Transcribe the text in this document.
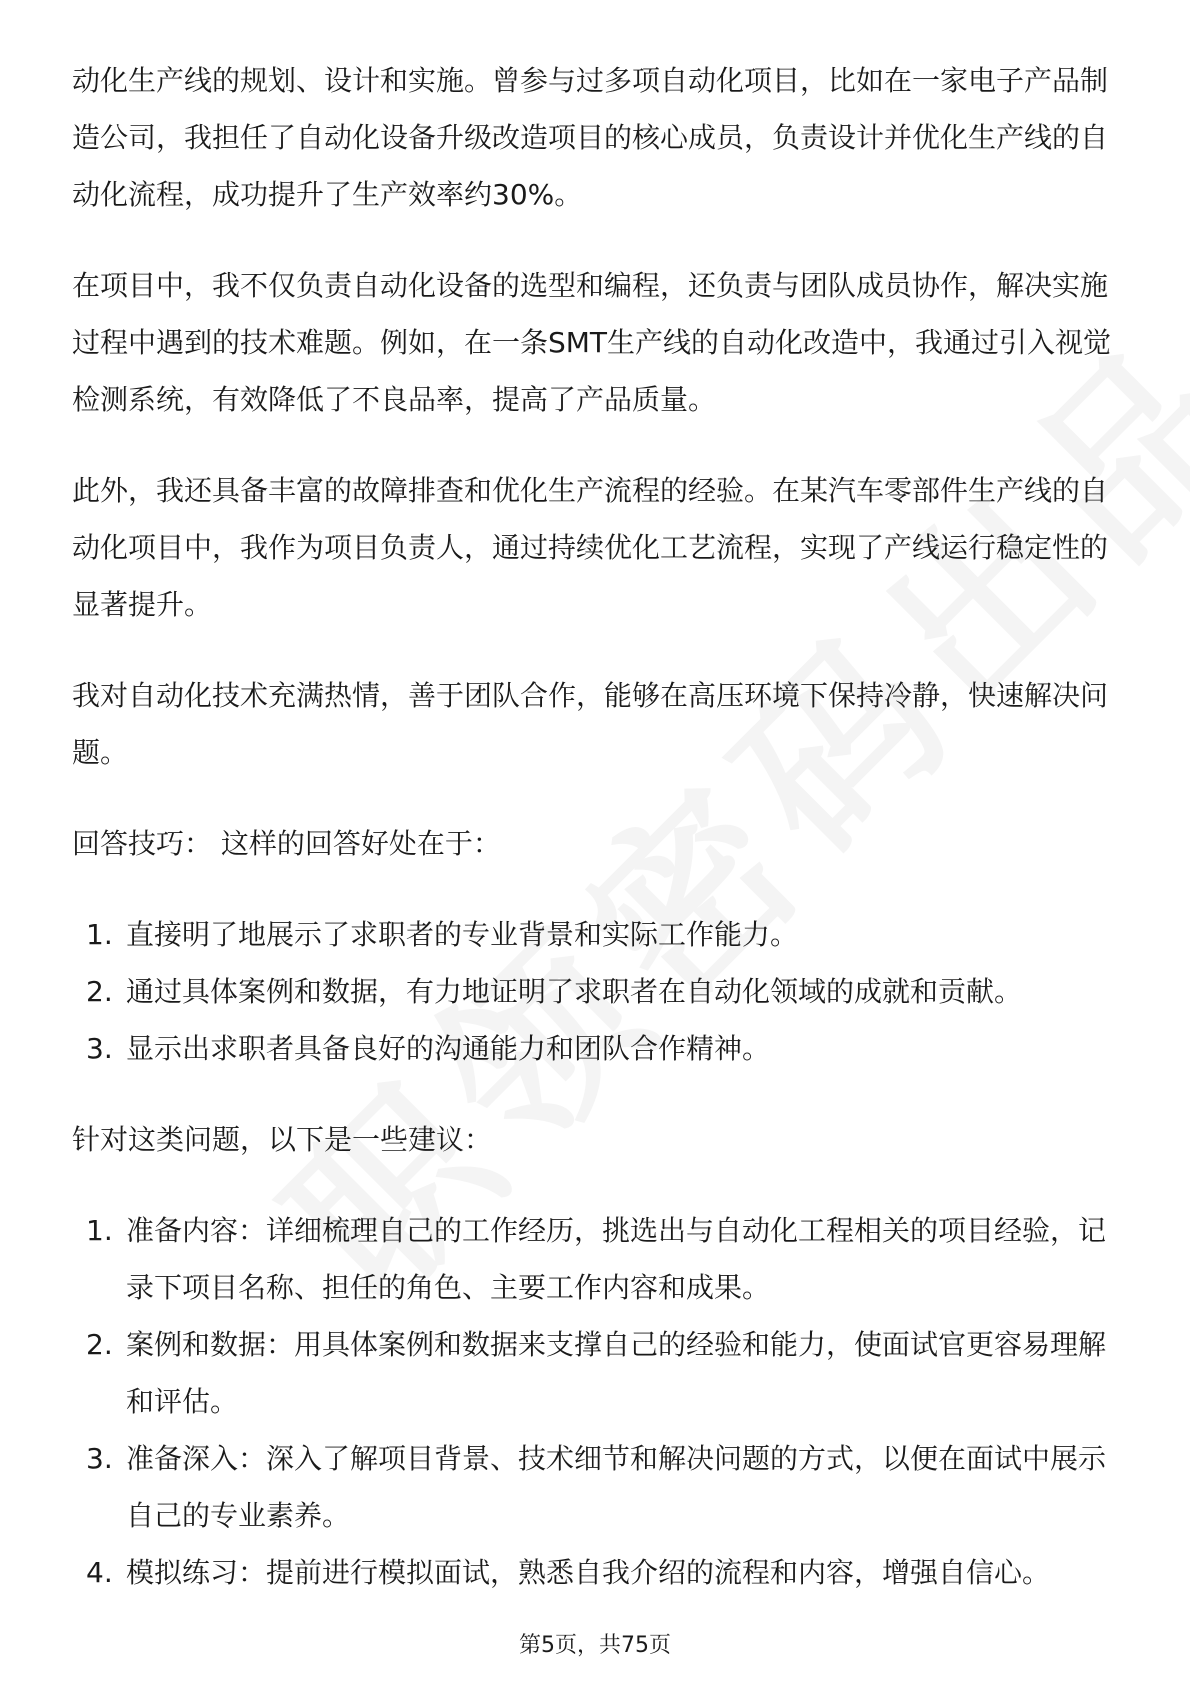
动化生产线的规划、设计和实施。曾参与过多项自动化项目，比如在一家电子产品制造公司，我担任了自动化设备升级改造项目的核心成员，负责设计并优化生产线的自动化流程，成功提升了生产效率约30%。

在项目中，我不仅负责自动化设备的选型和编程，还负责与团队成员协作，解决实施过程中遇到的技术难题。例如，在一条SMT生产线的自动化改造中，我通过引入视觉检测系统，有效降低了不良品率，提高了产品质量。

此外，我还具备丰富的故障排查和优化生产流程的经验。在某汽车零部件生产线的自动化项目中，我作为项目负责人，通过持续优化工艺流程，实现了产线运行稳定性的显著提升。

我对自动化技术充满热情，善于团队合作，能够在高压环境下保持冷静，快速解决问题。

回答技巧： 这样的回答好处在于：

1. 直接明了地展示了求职者的专业背景和实际工作能力。
2. 通过具体案例和数据，有力地证明了求职者在自动化领域的成就和贡献。
3. 显示出求职者具备良好的沟通能力和团队合作精神。

针对这类问题，以下是一些建议：

1. 准备内容：详细梳理自己的工作经历，挑选出与自动化工程相关的项目经验，记录下项目名称、担任的角色、主要工作内容和成果。
2. 案例和数据：用具体案例和数据来支撑自己的经验和能力，使面试官更容易理解和评估。
3. 准备深入：深入了解项目背景、技术细节和解决问题的方式，以便在面试中展示自己的专业素养。
4. 模拟练习：提前进行模拟面试，熟悉自我介绍的流程和内容，增强自信心。
第5页，共75页
